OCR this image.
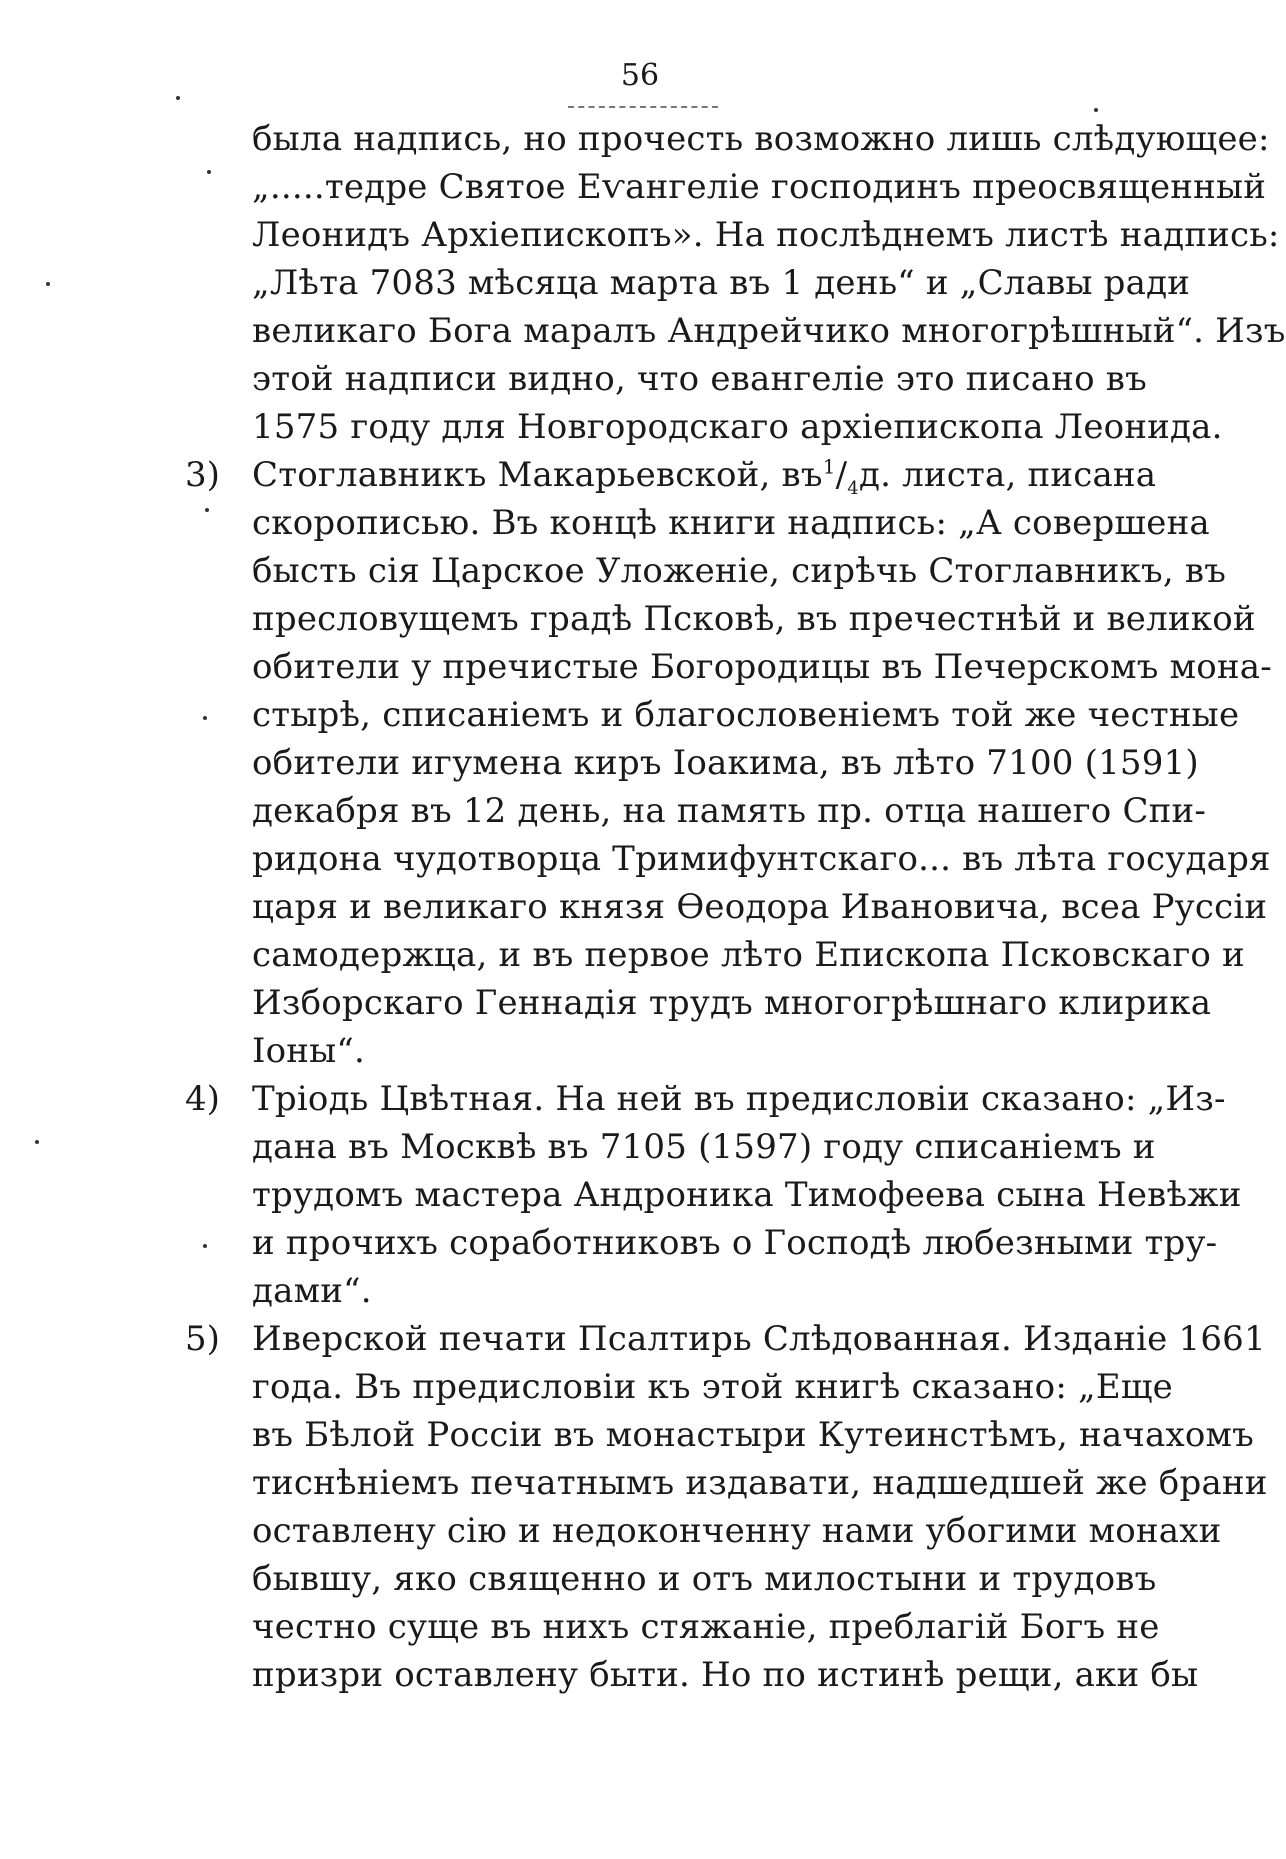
56
была надпись, но прочесть возможно лишь слѣдующее:
„.....тедре Святое Еѵангеліе господинъ преосвященный
Леонидъ Архіепископъ». На послѣднемъ листѣ надпись:
„Лѣта 7083 мѣсяца марта въ 1 день“ и „Славы ради
великаго Бога маралъ Андрейчико многогрѣшный“. Изъ
этой надписи видно, что евангеліе это писано въ
1575 году для Новгородскаго архіепископа Леонида.
3) Стоглавникъ Макарьевской, въ $^1/_4$ д. листа, писана
скорописью. Въ концѣ книги надпись: „А совершена
бысть сія Царское Уложеніе, сирѣчь Стоглавникъ, въ
пресловущемъ градѣ Псковѣ, въ пречестнѣй и великой
обители у пречистые Богородицы въ Печерскомъ мона-
стырѣ, списаніемъ и благословеніемъ той же честные
обители игумена киръ Іоакима, въ лѣто 7100 (1591)
декабря въ 12 день, на память пр. отца нашего Спи-
ридона чудотворца Тримифунтскаго... въ лѣта государя
царя и великаго князя Ѳеодора Ивановича, всеа Руссіи
самодержца, и въ первое лѣто Епископа Псковскаго и
Изборскаго Геннадія трудъ многогрѣшнаго клирика
Іоны“.
4) Тріодь Цвѣтная. На ней въ предисловіи сказано: „Из-
дана въ Москвѣ въ 7105 (1597) году списаніемъ и
трудомъ мастера Андроника Тимофеева сына Невѣжи
и прочихъ соработниковъ о Господѣ любезными тру-
дами“.
5) Иверской печати Псалтирь Слѣдованная. Изданіе 1661
года. Въ предисловіи къ этой книгѣ сказано: „Еще
въ Бѣлой Россіи въ монастыри Кутеинстѣмъ, начахомъ
тиснѣніемъ печатнымъ издавати, надшедшей же брани
оставлену сію и недоконченну нами убогими монахи
бывшу, яко священно и отъ милостыни и трудовъ
честно суще въ нихъ стяжаніе, преблагій Богъ не
призри оставлену быти. Но по истинѣ рещи, аки бы
